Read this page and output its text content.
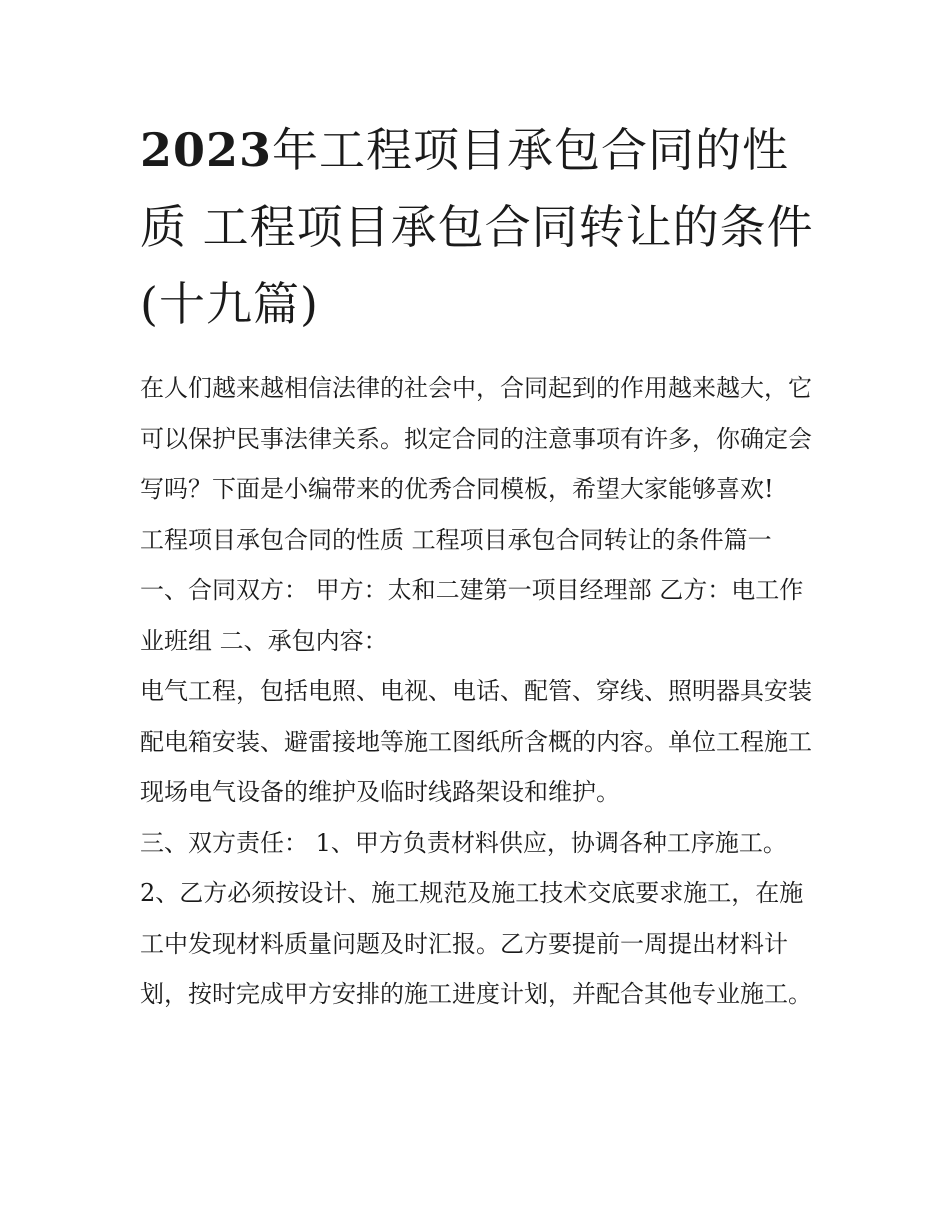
2023年工程项目承包合同的性质 工程项目承包合同转让的条件(十九篇)

在人们越来越相信法律的社会中，合同起到的作用越来越大，它可以保护民事法律关系。拟定合同的注意事项有许多，你确定会写吗？下面是小编带来的优秀合同模板，希望大家能够喜欢!

工程项目承包合同的性质 工程项目承包合同转让的条件篇一

一、合同双方： 甲方：太和二建第一项目经理部 乙方：电工作业班组 二、承包内容：

电气工程，包括电照、电视、电话、配管、穿线、照明器具安装配电箱安装、避雷接地等施工图纸所含概的内容。单位工程施工现场电气设备的维护及临时线路架设和维护。

三、双方责任： 1、甲方负责材料供应，协调各种工序施工。

2、乙方必须按设计、施工规范及施工技术交底要求施工，在施工中发现材料质量问题及时汇报。乙方要提前一周提出材料计划，按时完成甲方安排的施工进度计划，并配合其他专业施工。
